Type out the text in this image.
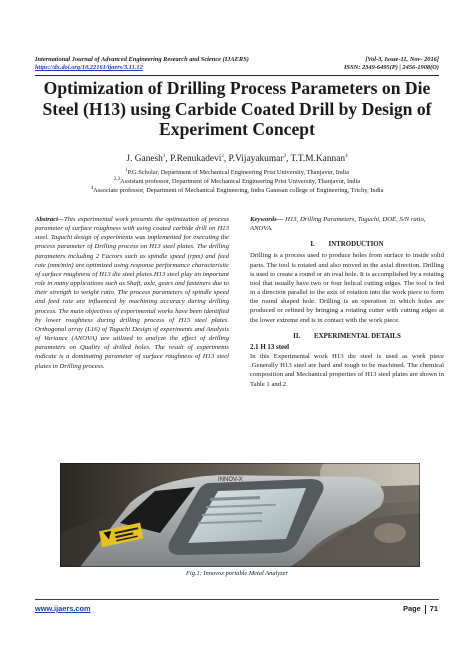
International Journal of Advanced Engineering Research and Science (IJAERS)
https://dx.doi.org/10.22161/ijaers/3.11.12
[Vol-3, Issue-11, Nov- 2016]
ISSN: 2349-6495(P) | 2456-1908(O)
Optimization of Drilling Process Parameters on Die Steel (H13) using Carbide Coated Drill by Design of Experiment Concept
J. Ganesh$^1$, P.Renukadevi$^2$, P.Vijayakumar$^3$, T.T.M.Kannan$^4$
$^1$P.G.Scholar, Department of Mechanical Engineering Prist University, Thanjavur, India
$^{2,3}$Assistant professor, Department of Mechanical Engineering Prist University, Thanjavur, India
$^4$Associate professor, Department of Mechanical Engineering, Indra Ganesan college of Engineering, Trichy, India
Abstract—This experimental work presents the optimization of process parameter of surface roughness with using coated carbide drill on H13 steel. Taguchi design of experiments was implemented for executing the process parameter of Drilling process on H13 steel plates. The drilling parameters including 2 Factors such as spindle speed (rpm) and feed rate (mm/min) are optimized using response performance characteristic of surface roughness of H13 die steel plates.H13 steel play an important role in many applications such as Shaft, axle, gears and fasteners due to their strength to weight ratio. The process parameters of spindle speed and feed rate are influenced by machining accuracy during drilling process. The main objectives of experimental works have been identified by lower roughness during drilling process of H13 steel plates. Orthogonal array (L16) of Taguchi Design of experiments and Analysis of Variance (ANOVA) are utilized to analyze the effect of drilling parameters on Quality of drilled holes. The result of experiments indicate is a dominating parameter of surface roughness of H13 steel plates in Drilling process.
Keywords— H13, Drilling Parameters, Taguchi, DOE, S/N ratio, ANOVA.
I.        INTRODUCTION
Drilling is a process used to produce holes from surface to inside solid parts. The tool is rotated and also moved in the axial direction. Drilling is used to create a round or an oval hole. It is accomplished by a rotating tool that usually have two or four helical cutting edges. The tool is fed in a direction parallel to the axis of rotation into the work piece to form the round shaped hole. Drilling is an operation in which holes are produced or refined by bringing a rotating cutter with cutting edges at the lower extreme end is in contact with the work piece.
II.        EXPERIMENTAL DETAILS
2.1 H 13 steel
In this Experimental work H13 die steel is used as work piece .Generally H13 steel are hard and tough to be machined. The chemical composition and Mechanical properties of H13 steel plates are shown in Table 1 and 2.
INNOV-X
Fig.1: Innovox portable Metal Analyzer
www.ijaers.com	Page 71
